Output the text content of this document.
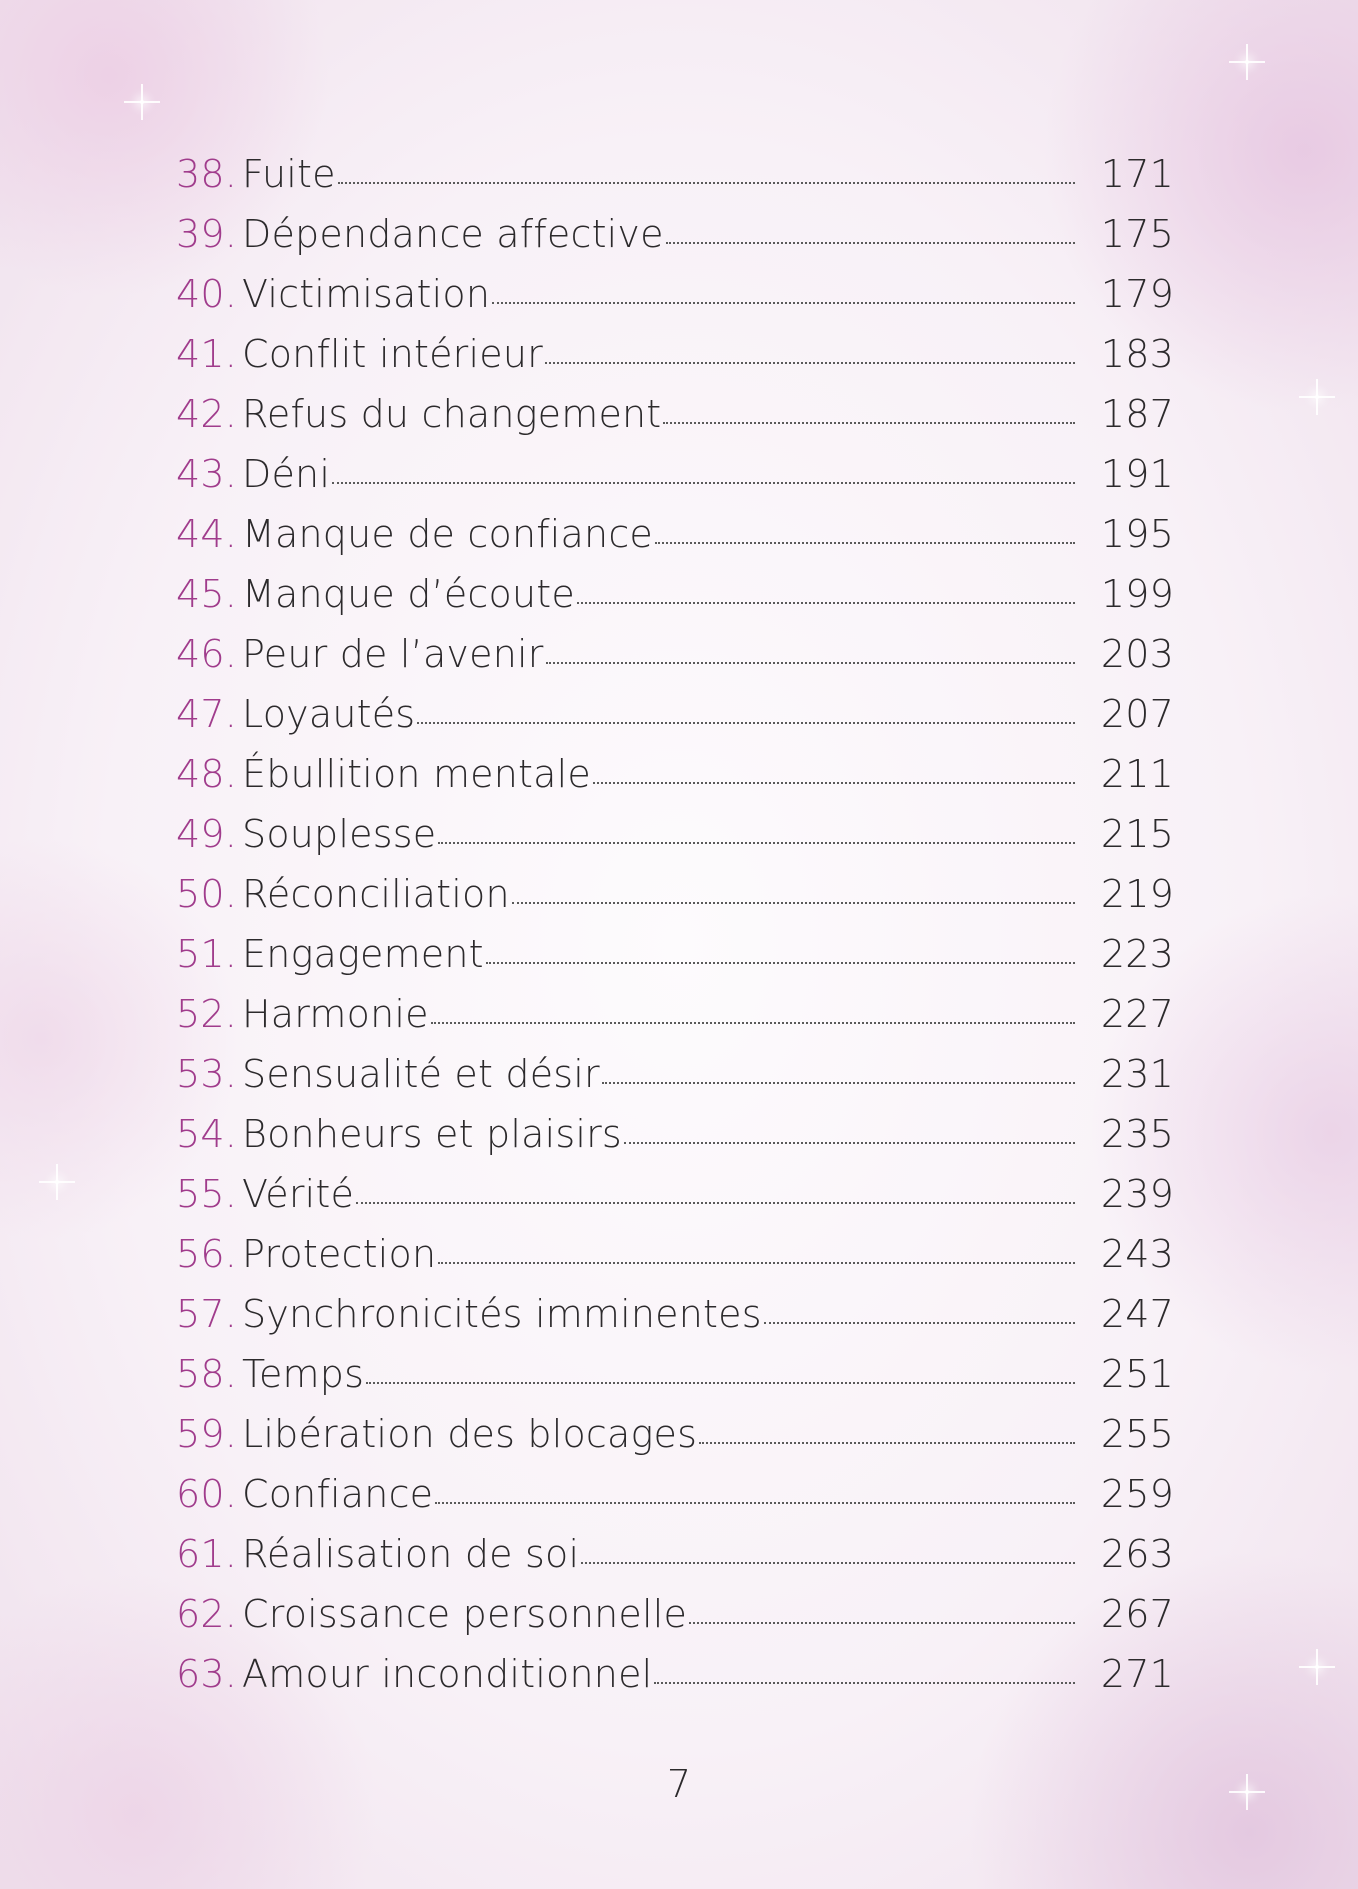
38. Fuite	171
39. Dépendance affective	175
40. Victimisation	179
41. Conflit intérieur	183
42. Refus du changement	187
43. Déni	191
44. Manque de confiance	195
45. Manque d’écoute	199
46. Peur de l’avenir	203
47. Loyautés	207
48. Ébullition mentale	211
49. Souplesse	215
50. Réconciliation	219
51. Engagement	223
52. Harmonie	227
53. Sensualité et désir	231
54. Bonheurs et plaisirs	235
55. Vérité	239
56. Protection	243
57. Synchronicités imminentes	247
58. Temps	251
59. Libération des blocages	255
60. Confiance	259
61. Réalisation de soi	263
62. Croissance personnelle	267
63. Amour inconditionnel	271
7
